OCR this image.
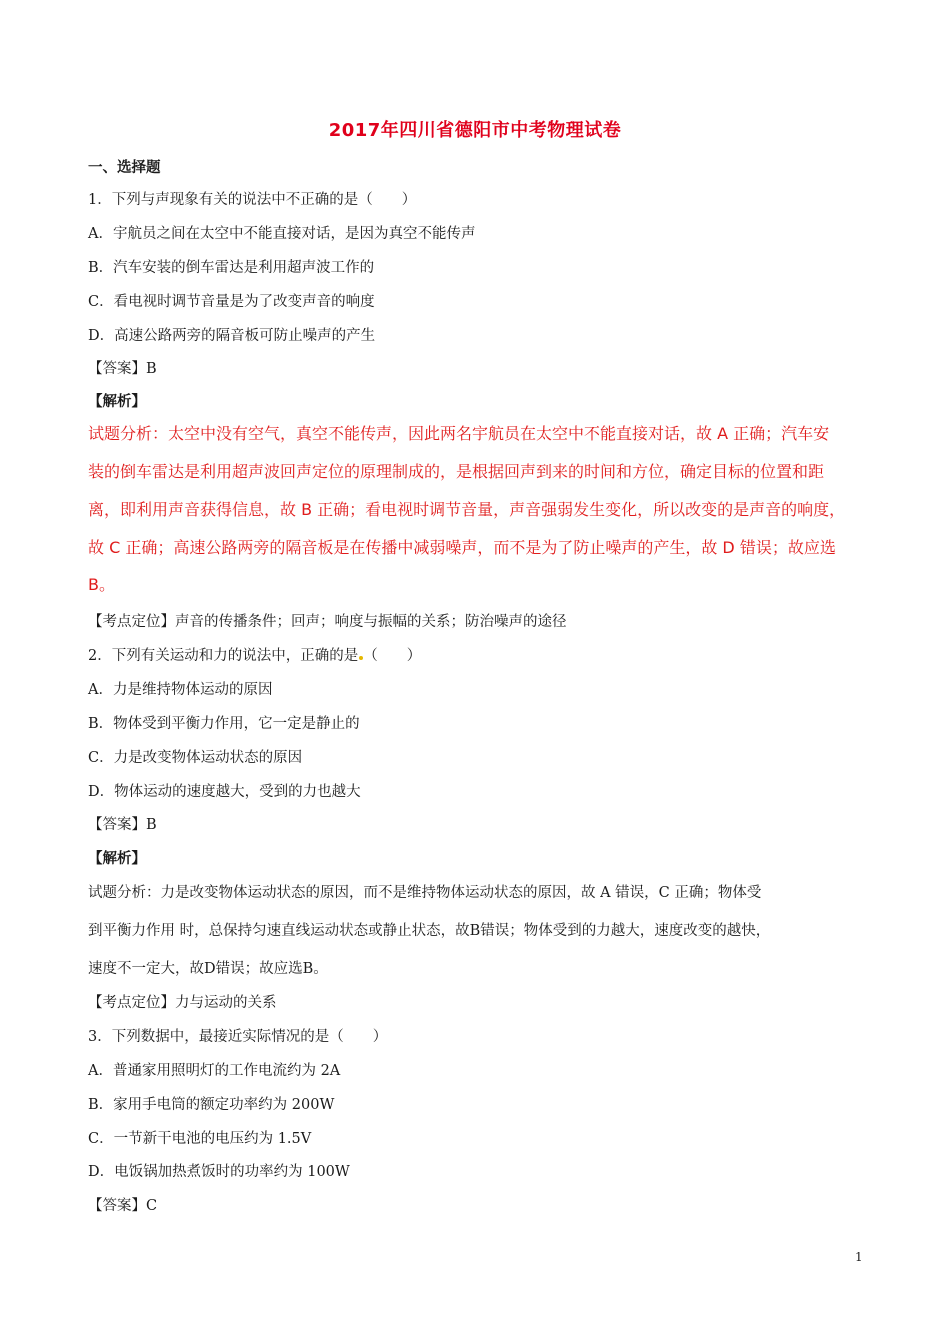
2017年四川省德阳市中考物理试卷
一、选择题
1．下列与声现象有关的说法中不正确的是（　　）
A．宇航员之间在太空中不能直接对话，是因为真空不能传声
B．汽车安装的倒车雷达是利用超声波工作的
C．看电视时调节音量是为了改变声音的响度
D．高速公路两旁的隔音板可防止噪声的产生
【答案】B
【解析】
试题分析：太空中没有空气，真空不能传声，因此两名宇航员在太空中不能直接对话，故 A 正确；汽车安
装的倒车雷达是利用超声波回声定位的原理制成的，是根据回声到来的时间和方位，确定目标的位置和距
离，即利用声音获得信息，故 B 正确；看电视时调节音量，声音强弱发生变化，所以改变的是声音的响度，
故 C 正确；高速公路两旁的隔音板是在传播中减弱噪声，而不是为了防止噪声的产生，故 D 错误；故应选
B。
【考点定位】声音的传播条件；回声；响度与振幅的关系；防治噪声的途径
2．下列有关运动和力的说法中，正确的是 （　　）
A．力是维持物体运动的原因
B．物体受到平衡力作用，它一定是静止的
C．力是改变物体运动状态的原因
D．物体运动的速度越大，受到的力也越大
【答案】B
【解析】
试题分析：力是改变物体运动状态的原因，而不是维持物体运动状态的原因，故 A 错误，C 正确；物体受
到平衡力作用 时，总保持匀速直线运动状态或静止状态，故B错误；物体受到的力越大，速度改变的越快，
速度不一定大，故D错误；故应选B。
【考点定位】力与运动的关系
3．下列数据中，最接近实际情况的是（　　）
A．普通家用照明灯的工作电流约为 2A
B．家用手电筒的额定功率约为 200W
C．一节新干电池的电压约为 1.5V
D．电饭锅加热煮饭时的功率约为 100W
【答案】C
1
